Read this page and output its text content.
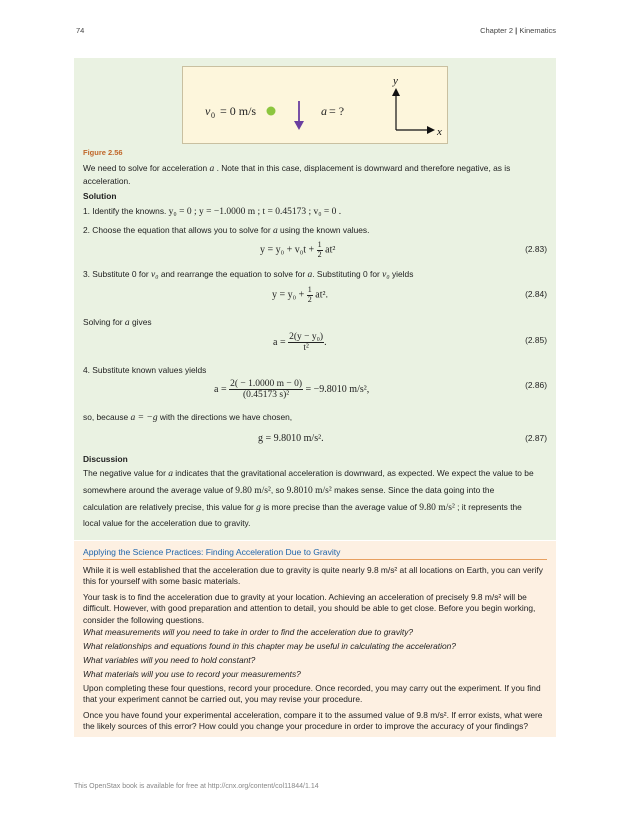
74	Chapter 2 | Kinematics
v 0 = 0 m/s	a = ?
y
x
Figure 2.56
We need to solve for acceleration a . Note that in this case, displacement is downward and therefore negative, as is acceleration.
Solution
1. Identify the knowns. y₀ = 0 ; y = −1.0000 m ; t = 0.45173 ; v₀ = 0 .
2. Choose the equation that allows you to solve for a using the known values.
$y = y_0 + v_0t + \frac{1}{2} at^2$	(2.83)
3. Substitute 0 for v₀ and rearrange the equation to solve for a. Substituting 0 for v₀ yields
$y = y_0 + \frac{1}{2} at^2$.	(2.84)
Solving for a gives
$a = \frac{\text{2(y − y₀)}}{\text{t²}}$ .	(2.85)
4. Substitute known values yields
$a = \frac{2( - 1.0000 m - 0)}{\text{(0.45173 s)²}} = -9.8010$ m/s²,	(2.86)
so, because a = −g with the directions we have chosen,
g = 9.8010 m/s².	(2.87)
Discussion
The negative value for a indicates that the gravitational acceleration is downward, as expected. We expect the value to be
somewhere around the average value of 9.80 m/s², so 9.8010 m/s² makes sense. Since the data going into the
calculation are relatively precise, this value for g is more precise than the average value of 9.80 m/s² ; it represents the
local value for the acceleration due to gravity.
Applying the Science Practices: Finding Acceleration Due to Gravity
While it is well established that the acceleration due to gravity is quite nearly 9.8 m/s² at all locations on Earth, you can verify this for yourself with some basic materials.
Your task is to find the acceleration due to gravity at your location. Achieving an acceleration of precisely 9.8 m/s² will be difficult. However, with good preparation and attention to detail, you should be able to get close. Before you begin working, consider the following questions.
What measurements will you need to take in order to find the acceleration due to gravity?
What relationships and equations found in this chapter may be useful in calculating the acceleration?
What variables will you need to hold constant?
What materials will you use to record your measurements?
Upon completing these four questions, record your procedure. Once recorded, you may carry out the experiment. If you find that your experiment cannot be carried out, you may revise your procedure.
Once you have found your experimental acceleration, compare it to the assumed value of 9.8 m/s². If error exists, what were the likely sources of this error? How could you change your procedure in order to improve the accuracy of your findings?
This OpenStax book is available for free at http://cnx.org/content/col11844/1.14
